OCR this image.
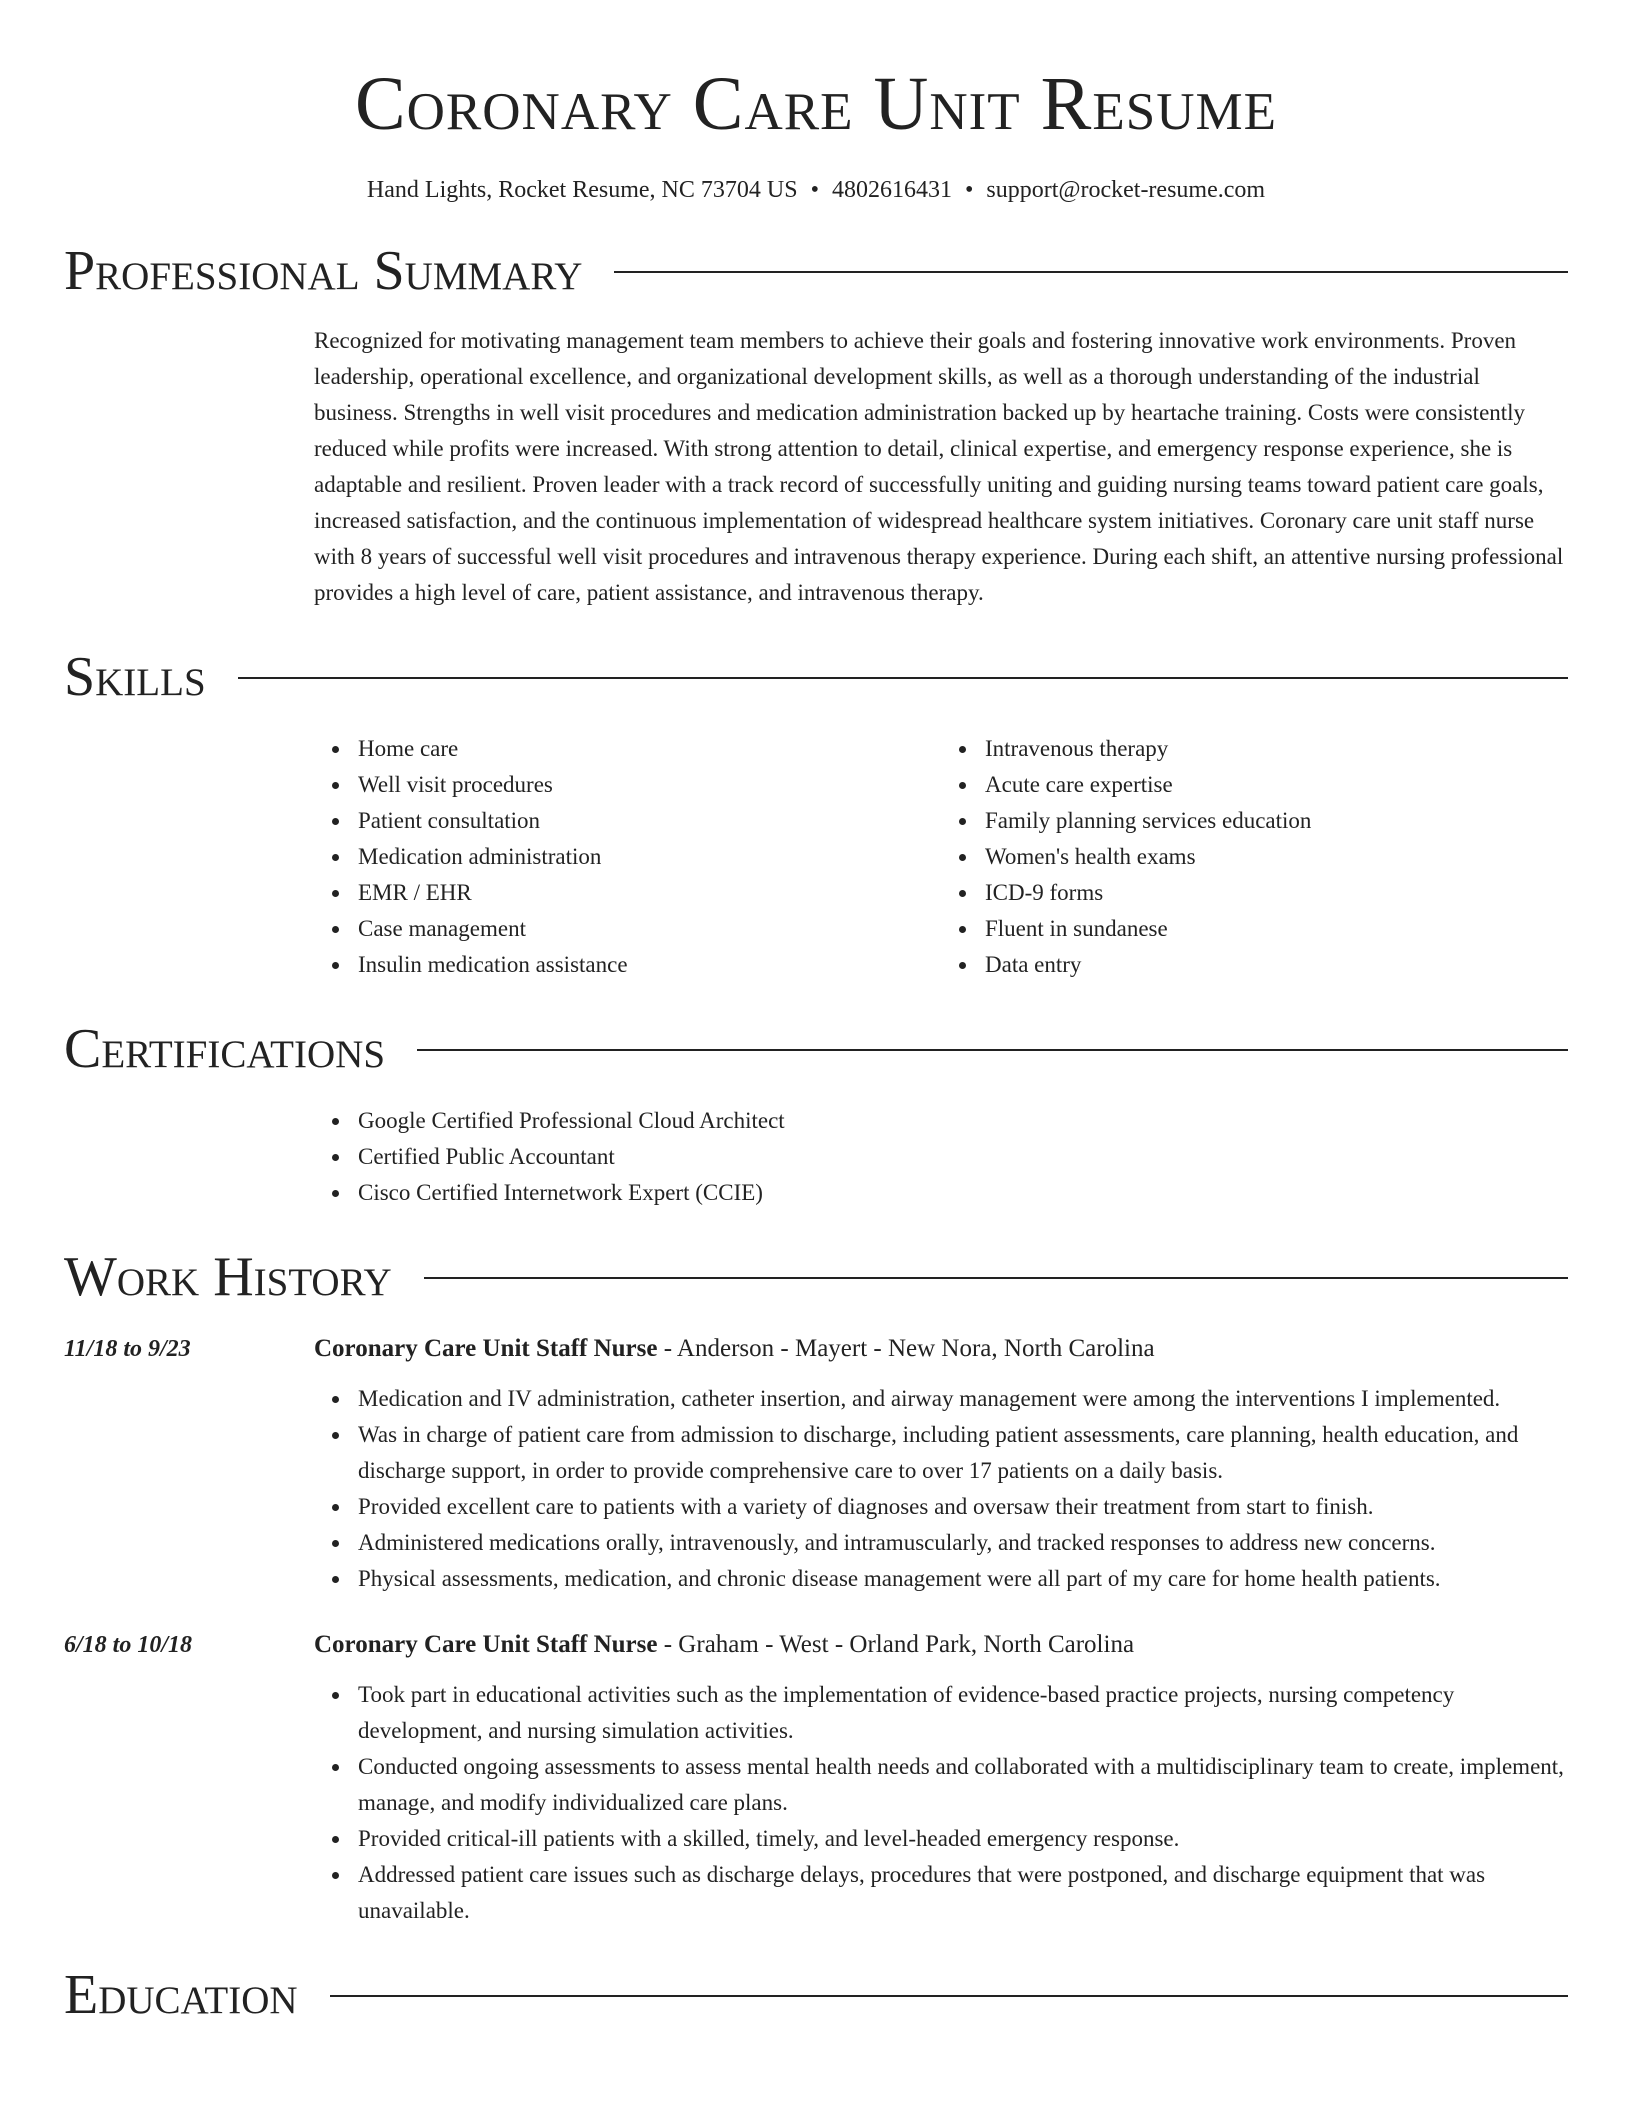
Coronary Care Unit Resume
Hand Lights, Rocket Resume, NC 73704 US • 4802616431 • support@rocket-resume.com
Professional Summary

Recognized for motivating management team members to achieve their goals and fostering innovative work environments. Proven leadership, operational excellence, and organizational development skills, as well as a thorough understanding of the industrial business. Strengths in well visit procedures and medication administration backed up by heartache training. Costs were consistently reduced while profits were increased. With strong attention to detail, clinical expertise, and emergency response experience, she is adaptable and resilient. Proven leader with a track record of successfully uniting and guiding nursing teams toward patient care goals, increased satisfaction, and the continuous implementation of widespread healthcare system initiatives. Coronary care unit staff nurse with 8 years of successful well visit procedures and intravenous therapy experience. During each shift, an attentive nursing professional provides a high level of care, patient assistance, and intravenous therapy.

Skills
Home care
Well visit procedures
Patient consultation
Medication administration
EMR / EHR
Case management
Insulin medication assistance
Intravenous therapy
Acute care expertise
Family planning services education
Women's health exams
ICD-9 forms
Fluent in sundanese
Data entry
Certifications
Google Certified Professional Cloud Architect
Certified Public Accountant
Cisco Certified Internetwork Expert (CCIE)
Work History
11/18 to 9/23	Coronary Care Unit Staff Nurse - Anderson - Mayert - New Nora, North Carolina
Medication and IV administration, catheter insertion, and airway management were among the interventions I implemented.
Was in charge of patient care from admission to discharge, including patient assessments, care planning, health education, and discharge support, in order to provide comprehensive care to over 17 patients on a daily basis.
Provided excellent care to patients with a variety of diagnoses and oversaw their treatment from start to finish.
Administered medications orally, intravenously, and intramuscularly, and tracked responses to address new concerns.
Physical assessments, medication, and chronic disease management were all part of my care for home health patients.
6/18 to 10/18	Coronary Care Unit Staff Nurse - Graham - West - Orland Park, North Carolina
Took part in educational activities such as the implementation of evidence-based practice projects, nursing competency development, and nursing simulation activities.
Conducted ongoing assessments to assess mental health needs and collaborated with a multidisciplinary team to create, implement, manage, and modify individualized care plans.
Provided critical-ill patients with a skilled, timely, and level-headed emergency response.
Addressed patient care issues such as discharge delays, procedures that were postponed, and discharge equipment that was unavailable.
Education
